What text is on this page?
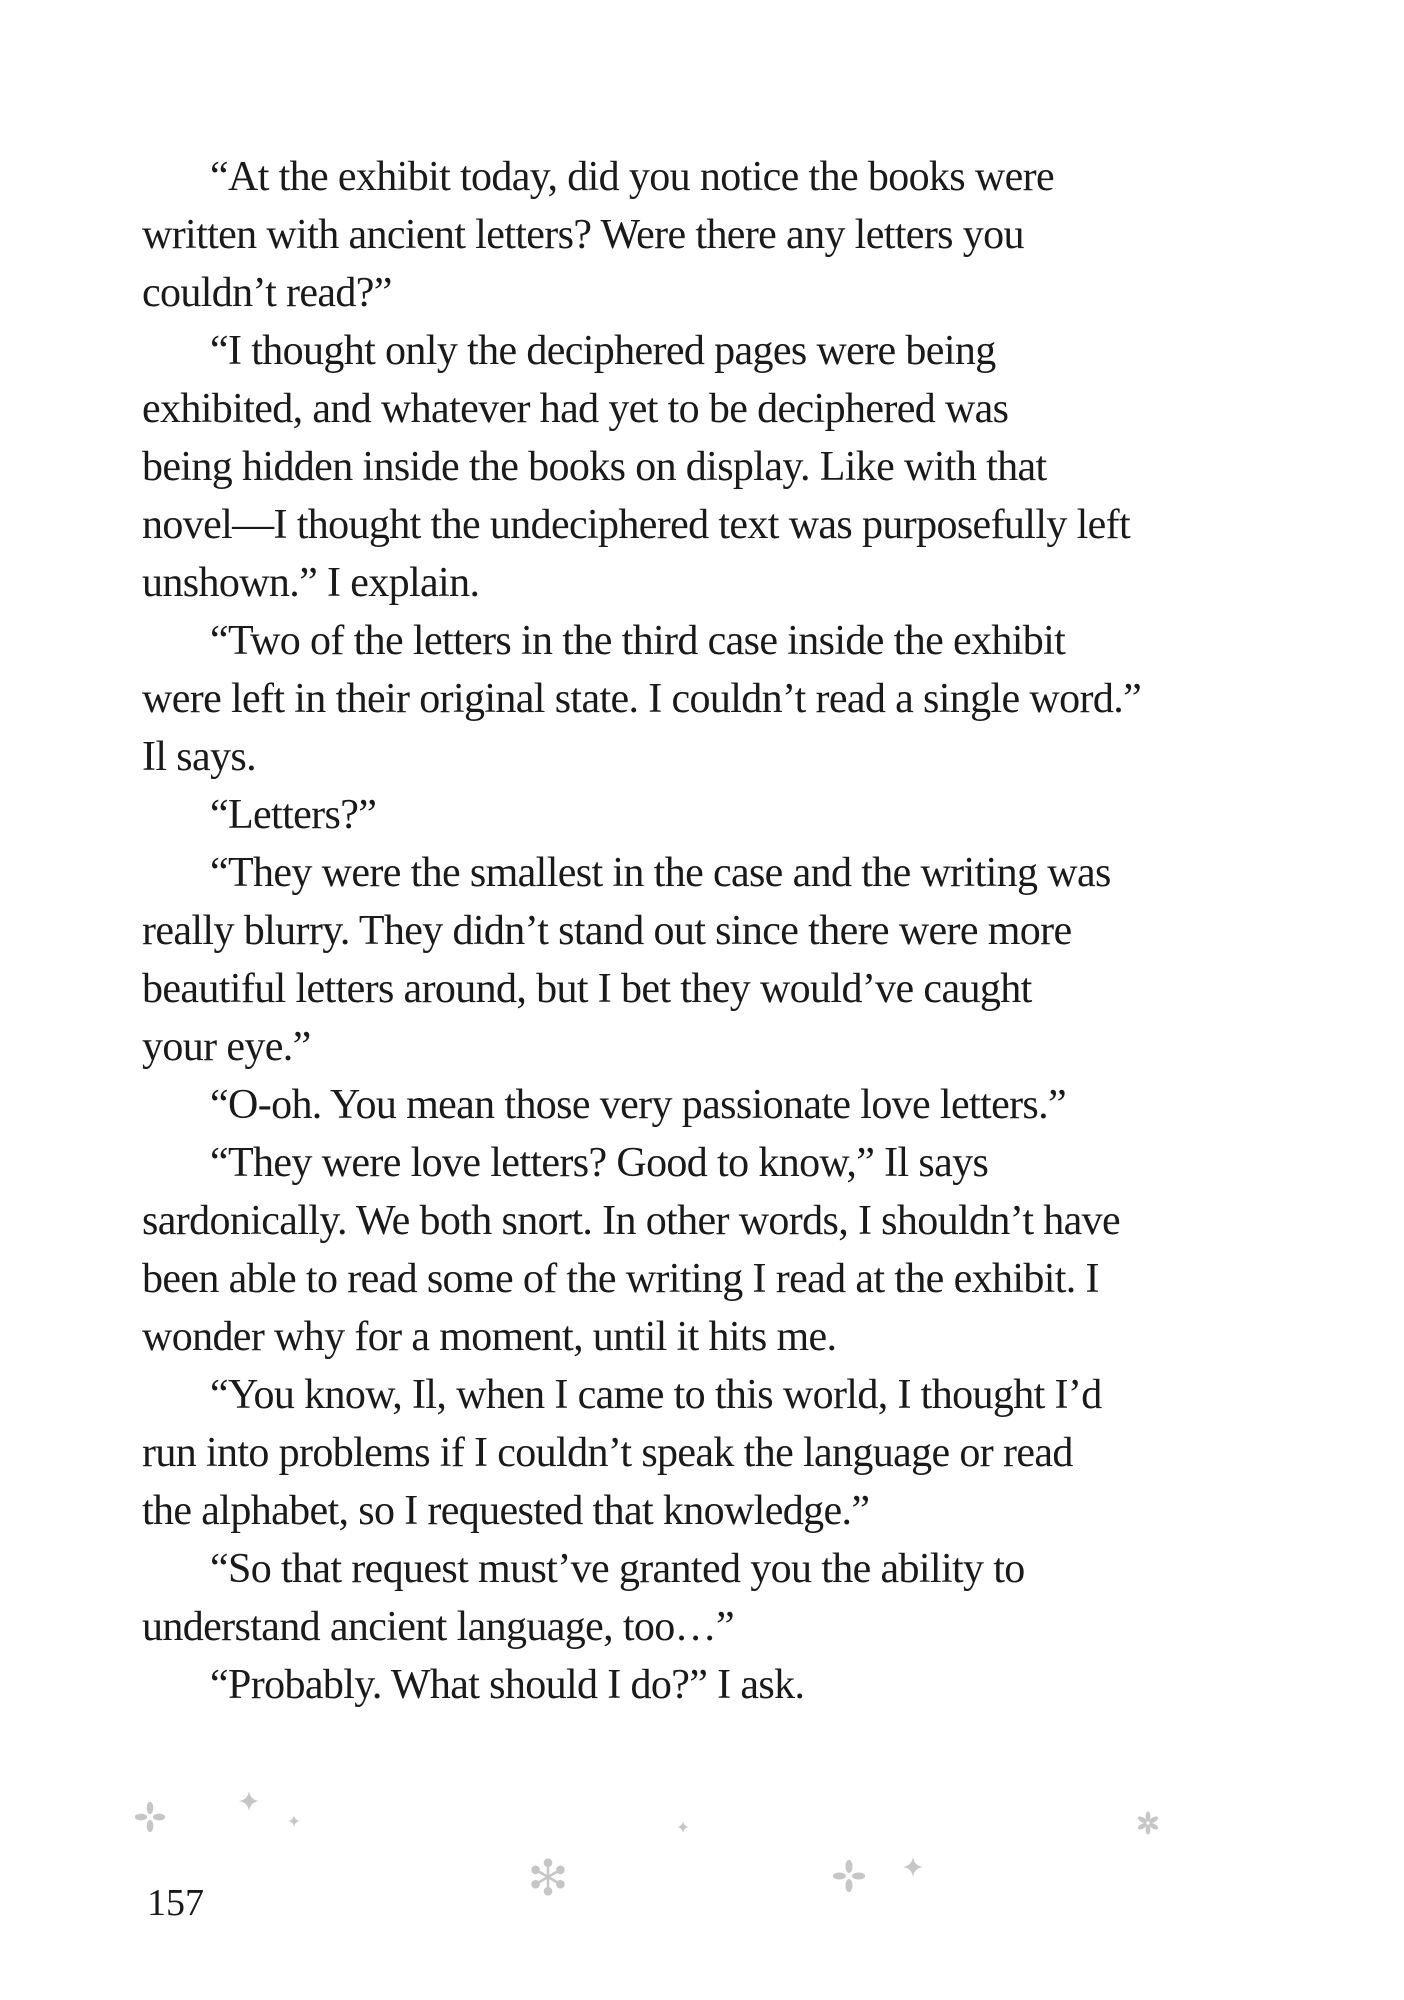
“At the exhibit today, did you notice the books were
written with ancient letters? Were there any letters you
couldn’t read?”
“I thought only the deciphered pages were being
exhibited, and whatever had yet to be deciphered was
being hidden inside the books on display. Like with that
novel—I thought the undeciphered text was purposefully left
unshown.” I explain.
“Two of the letters in the third case inside the exhibit
were left in their original state. I couldn’t read a single word.”
Il says.
“Letters?”
“They were the smallest in the case and the writing was
really blurry. They didn’t stand out since there were more
beautiful letters around, but I bet they would’ve caught
your eye.”
“O-oh. You mean those very passionate love letters.”
“They were love letters? Good to know,” Il says
sardonically. We both snort. In other words, I shouldn’t have
been able to read some of the writing I read at the exhibit. I
wonder why for a moment, until it hits me.
“You know, Il, when I came to this world, I thought I’d
run into problems if I couldn’t speak the language or read
the alphabet, so I requested that knowledge.”
“So that request must’ve granted you the ability to
understand ancient language, too…”
“Probably. What should I do?” I ask.
157
